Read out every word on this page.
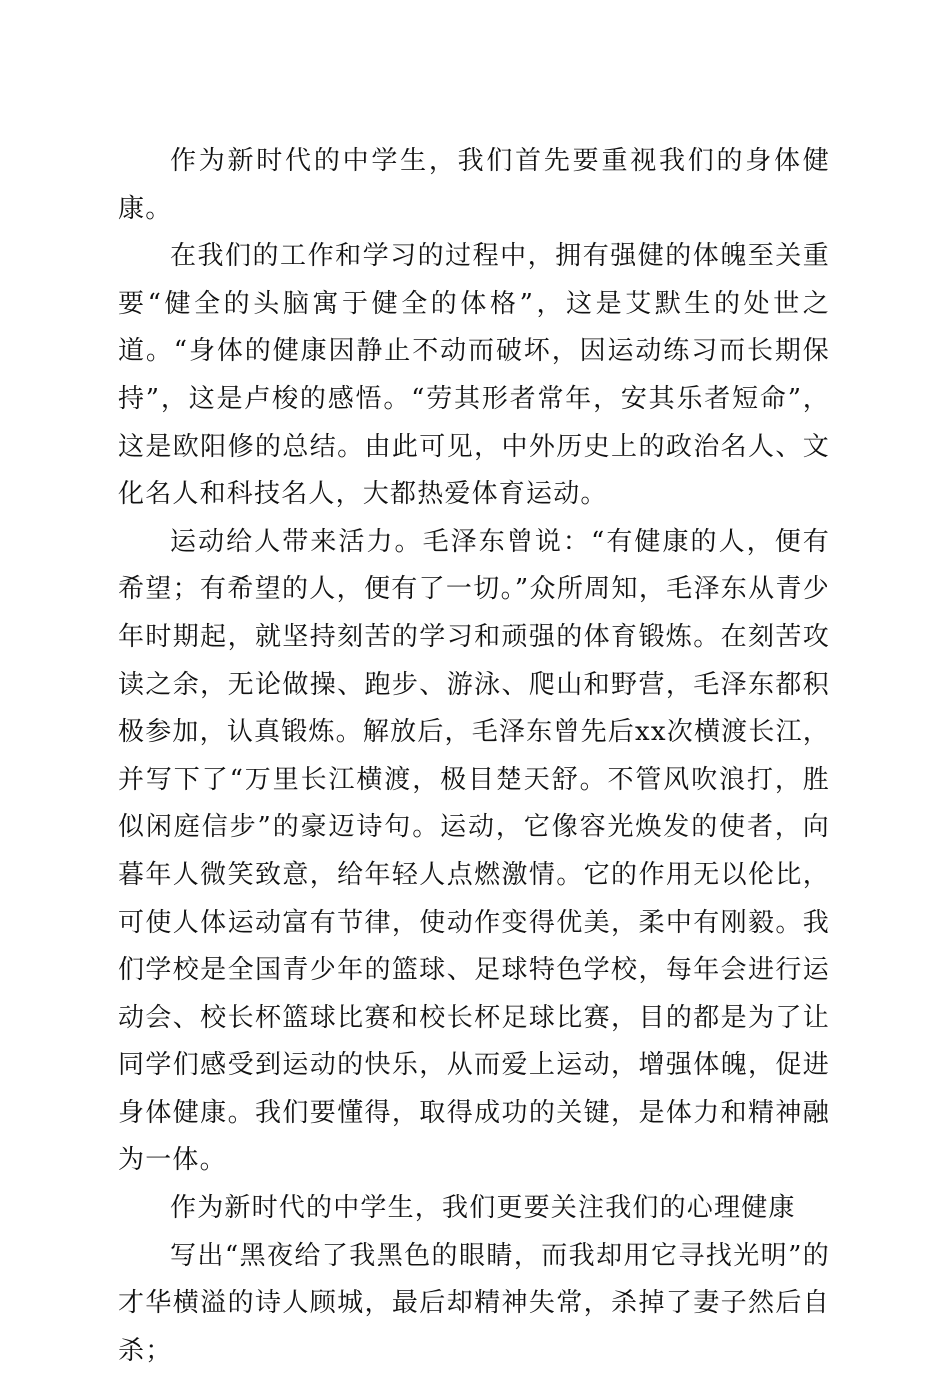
作为新时代的中学生，我们首先要重视我们的身体健康。

在我们的工作和学习的过程中，拥有强健的体魄至关重要“健全的头脑寓于健全的体格”，这是艾默生的处世之道。“身体的健康因静止不动而破坏，因运动练习而长期保持”，这是卢梭的感悟。“劳其形者常年，安其乐者短命”，这是欧阳修的总结。由此可见，中外历史上的政治名人、文化名人和科技名人，大都热爱体育运动。

运动给人带来活力。毛泽东曾说：“有健康的人，便有希望；有希望的人，便有了一切。”众所周知，毛泽东从青少年时期起，就坚持刻苦的学习和顽强的体育锻炼。在刻苦攻读之余，无论做操、跑步、游泳、爬山和野营，毛泽东都积极参加，认真锻炼。解放后，毛泽东曾先后xx次横渡长江，并写下了“万里长江横渡，极目楚天舒。不管风吹浪打，胜似闲庭信步”的豪迈诗句。运动，它像容光焕发的使者，向暮年人微笑致意，给年轻人点燃激情。它的作用无以伦比，可使人体运动富有节律，使动作变得优美，柔中有刚毅。我们学校是全国青少年的篮球、足球特色学校，每年会进行运动会、校长杯篮球比赛和校长杯足球比赛，目的都是为了让同学们感受到运动的快乐，从而爱上运动，增强体魄，促进身体健康。我们要懂得，取得成功的关键，是体力和精神融为一体。

作为新时代的中学生，我们更要关注我们的心理健康

写出“黑夜给了我黑色的眼睛，而我却用它寻找光明”的才华横溢的诗人顾城，最后却精神失常，杀掉了妻子然后自杀；
